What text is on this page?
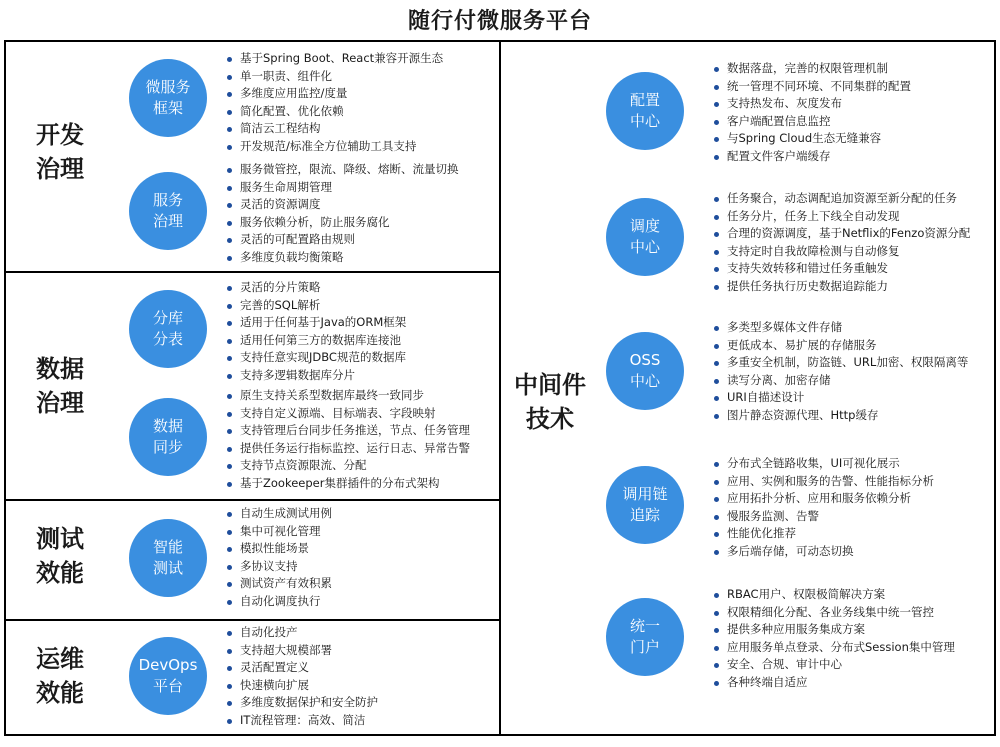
随行付微服务平台
开发
治理
数据
治理
测试
效能
运维
效能
中间件
技术
微服务
框架
服务
治理
分库
分表
数据
同步
智能
测试
DevOps
平台
配置
中心
调度
中心
OSS
中心
调用链
追踪
统一
门户
基于Spring Boot、React兼容开源生态
单一职责、组件化
多维度应用监控/度量
简化配置、优化依赖
简洁云工程结构
开发规范/标准全方位辅助工具支持
服务微管控，限流、降级、熔断、流量切换
服务生命周期管理
灵活的资源调度
服务依赖分析，防止服务腐化
灵活的可配置路由规则
多维度负载均衡策略
灵活的分片策略
完善的SQL解析
适用于任何基于Java的ORM框架
适用任何第三方的数据库连接池
支持任意实现JDBC规范的数据库
支持多逻辑数据库分片
原生支持关系型数据库最终一致同步
支持自定义源端、目标端表、字段映射
支持管理后台同步任务推送，节点、任务管理
提供任务运行指标监控、运行日志、异常告警
支持节点资源限流、分配
基于Zookeeper集群插件的分布式架构
自动生成测试用例
集中可视化管理
模拟性能场景
多协议支持
测试资产有效积累
自动化调度执行
自动化投产
支持超大规模部署
灵活配置定义
快速横向扩展
多维度数据保护和安全防护
IT流程管理：高效、简洁
数据落盘，完善的权限管理机制
统一管理不同环境、不同集群的配置
支持热发布、灰度发布
客户端配置信息监控
与Spring Cloud生态无缝兼容
配置文件客户端缓存
任务聚合，动态调配追加资源至新分配的任务
任务分片，任务上下线全自动发现
合理的资源调度，基于Netflix的Fenzo资源分配
支持定时自我故障检测与自动修复
支持失效转移和错过任务重触发
提供任务执行历史数据追踪能力
多类型多媒体文件存储
更低成本、易扩展的存储服务
多重安全机制，防盗链、URL加密、权限隔离等
读写分离、加密存储
URI自描述设计
图片静态资源代理、Http缓存
分布式全链路收集，UI可视化展示
应用、实例和服务的告警、性能指标分析
应用拓扑分析、应用和服务依赖分析
慢服务监测、告警
性能优化推荐
多后端存储，可动态切换
RBAC用户、权限极简解决方案
权限精细化分配、各业务线集中统一管控
提供多种应用服务集成方案
应用服务单点登录、分布式Session集中管理
安全、合规、审计中心
各种终端自适应
